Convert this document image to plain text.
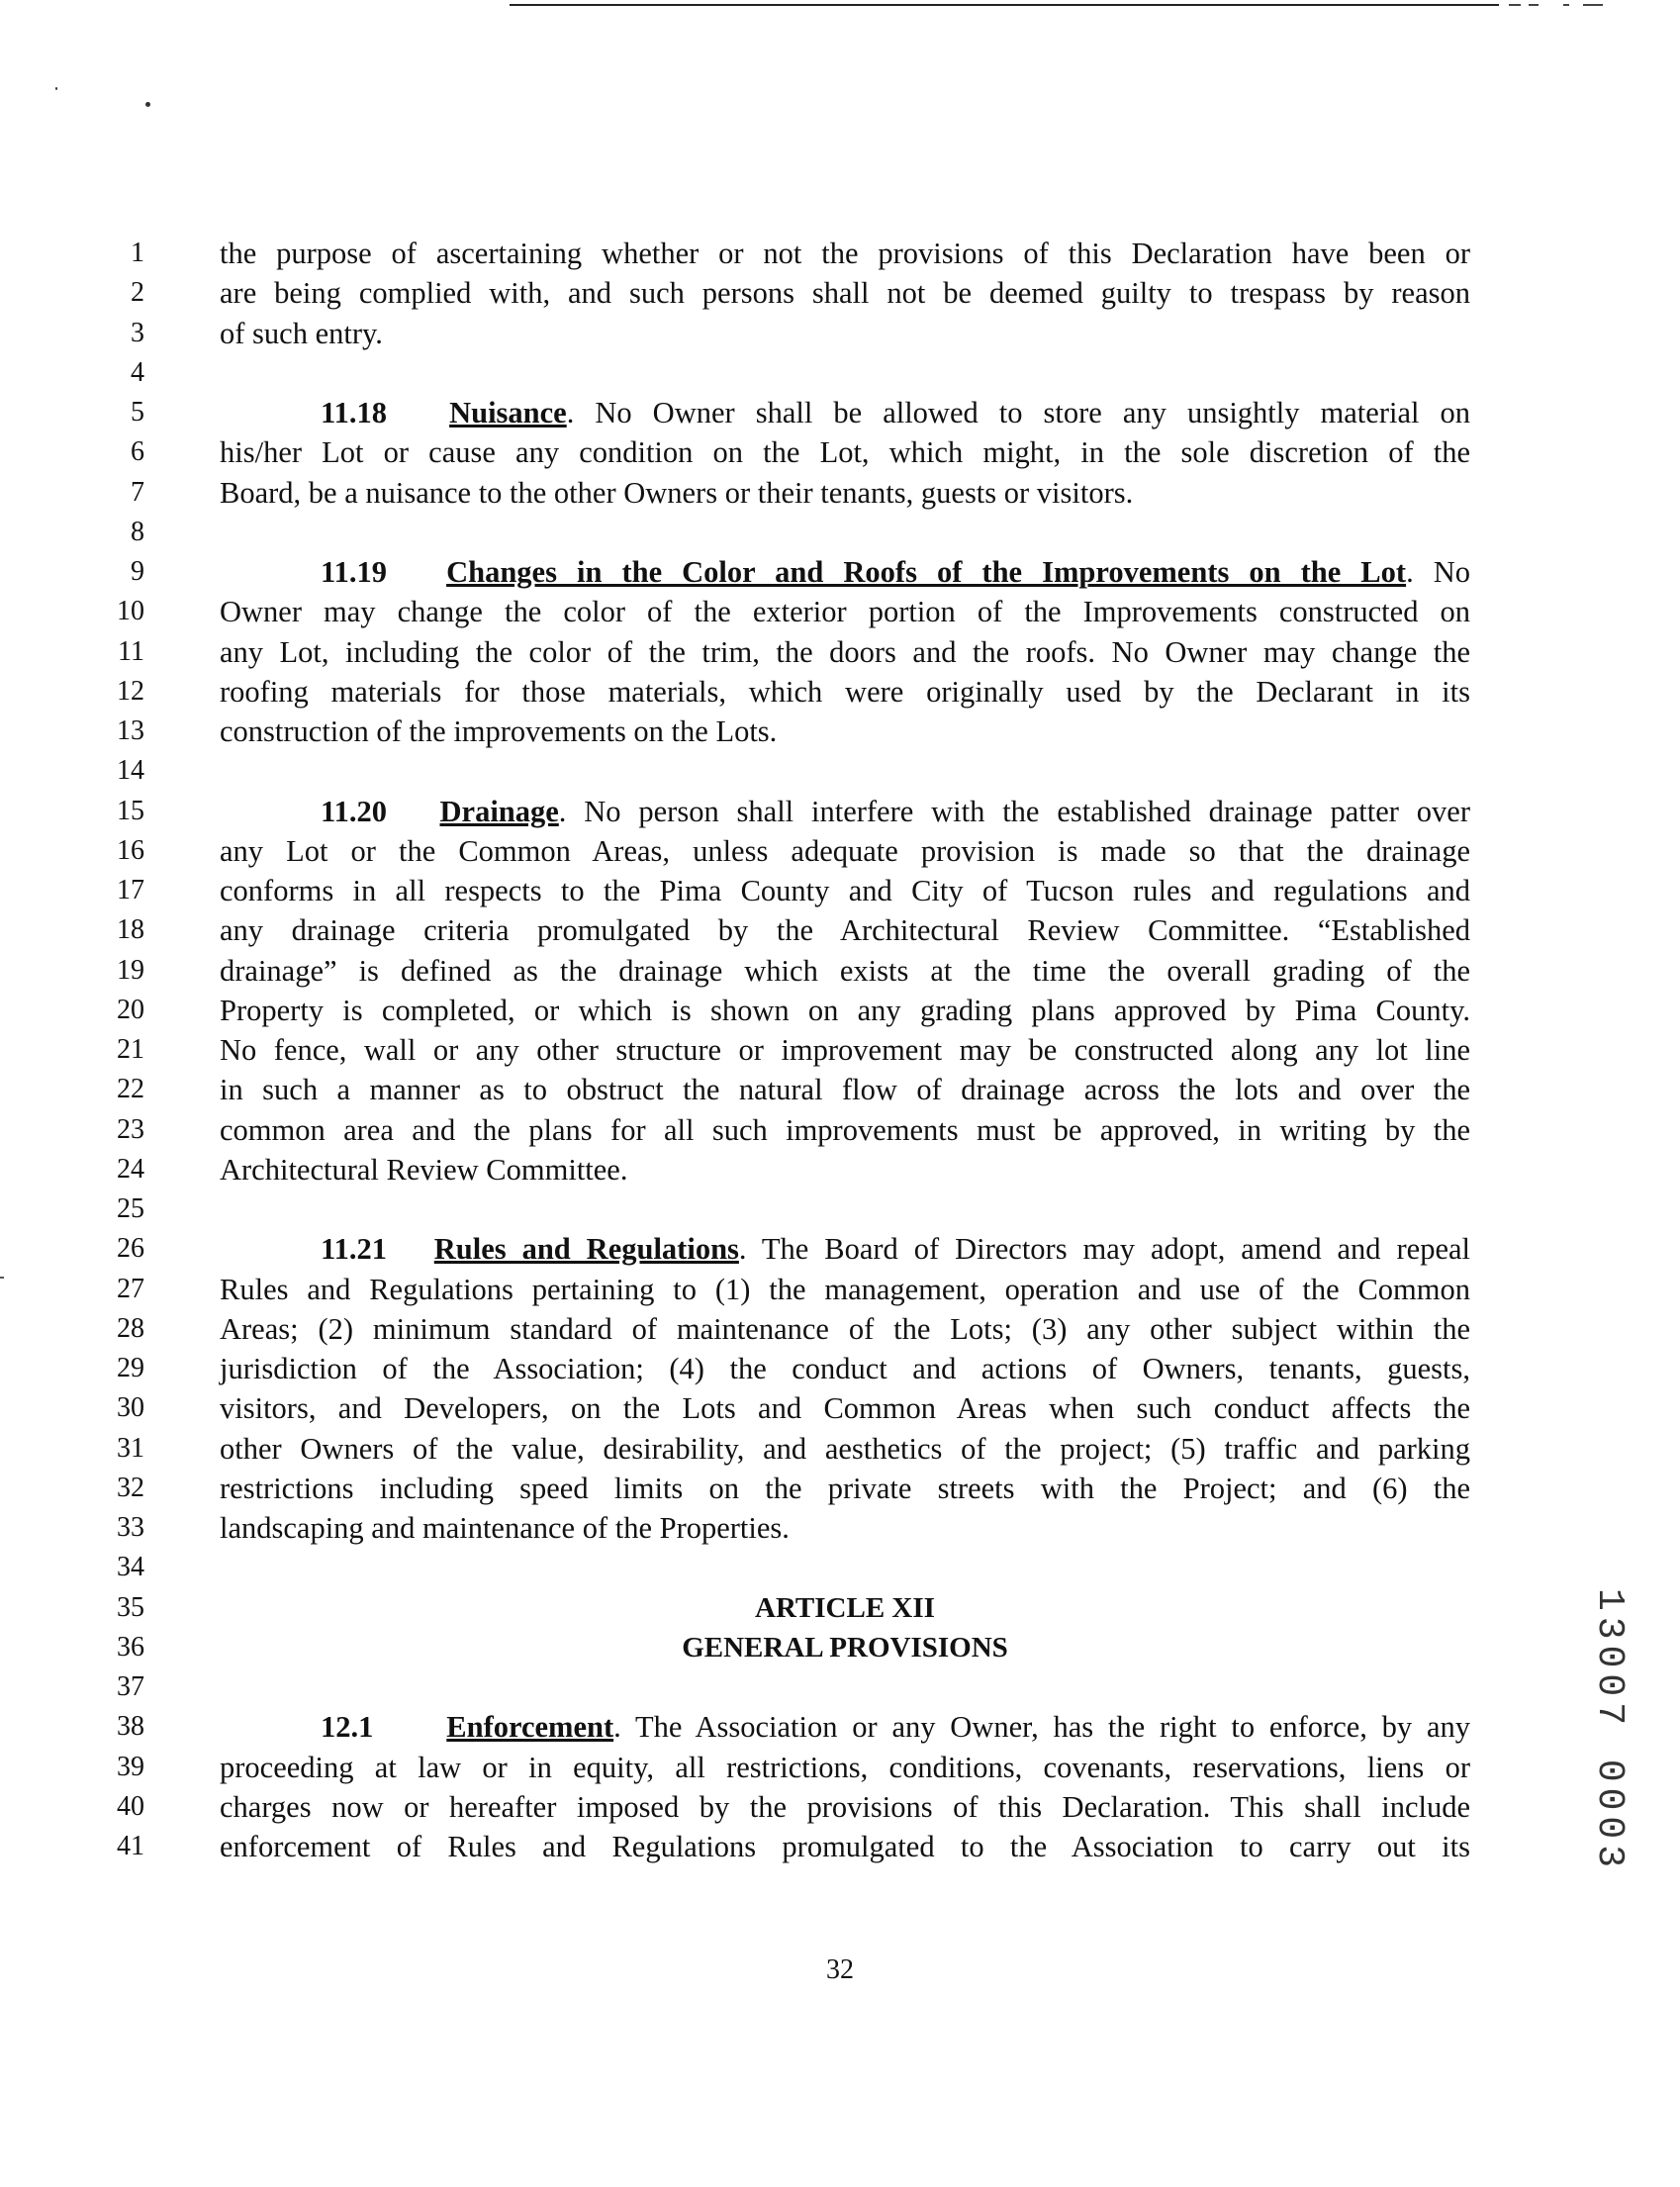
1
2
3
4
5
6
7
8
9
10
11
12
13
14
15
16
17
18
19
20
21
22
23
24
25
26
27
28
29
30
31
32
33
34
35
36
37
38
39
40
41
the purpose of ascertaining whether or not the provisions of this Declaration have been or
are being complied with, and such persons shall not be deemed guilty to trespass by reason
of such entry.
11.18 Nuisance. No Owner shall be allowed to store any unsightly material on
his/her Lot or cause any condition on the Lot, which might, in the sole discretion of the
Board, be a nuisance to the other Owners or their tenants, guests or visitors.
11.19 Changes in the Color and Roofs of the Improvements on the Lot. No
Owner may change the color of the exterior portion of the Improvements constructed on
any Lot, including the color of the trim, the doors and the roofs. No Owner may change the
roofing materials for those materials, which were originally used by the Declarant in its
construction of the improvements on the Lots.
11.20 Drainage. No person shall interfere with the established drainage patter over
any Lot or the Common Areas, unless adequate provision is made so that the drainage
conforms in all respects to the Pima County and City of Tucson rules and regulations and
any drainage criteria promulgated by the Architectural Review Committee. “Established
drainage” is defined as the drainage which exists at the time the overall grading of the
Property is completed, or which is shown on any grading plans approved by Pima County.
No fence, wall or any other structure or improvement may be constructed along any lot line
in such a manner as to obstruct the natural flow of drainage across the lots and over the
common area and the plans for all such improvements must be approved, in writing by the
Architectural Review Committee.
11.21 Rules and Regulations. The Board of Directors may adopt, amend and repeal
Rules and Regulations pertaining to (1) the management, operation and use of the Common
Areas; (2) minimum standard of maintenance of the Lots; (3) any other subject within the
jurisdiction of the Association; (4) the conduct and actions of Owners, tenants, guests,
visitors, and Developers, on the Lots and Common Areas when such conduct affects the
other Owners of the value, desirability, and aesthetics of the project; (5) traffic and parking
restrictions including speed limits on the private streets with the Project; and (6) the
landscaping and maintenance of the Properties.
ARTICLE XII
GENERAL PROVISIONS
12.1 Enforcement. The Association or any Owner, has the right to enforce, by any
proceeding at law or in equity, all restrictions, conditions, covenants, reservations, liens or
charges now or hereafter imposed by the provisions of this Declaration. This shall include
enforcement of Rules and Regulations promulgated to the Association to carry out its
32
13007 0003
